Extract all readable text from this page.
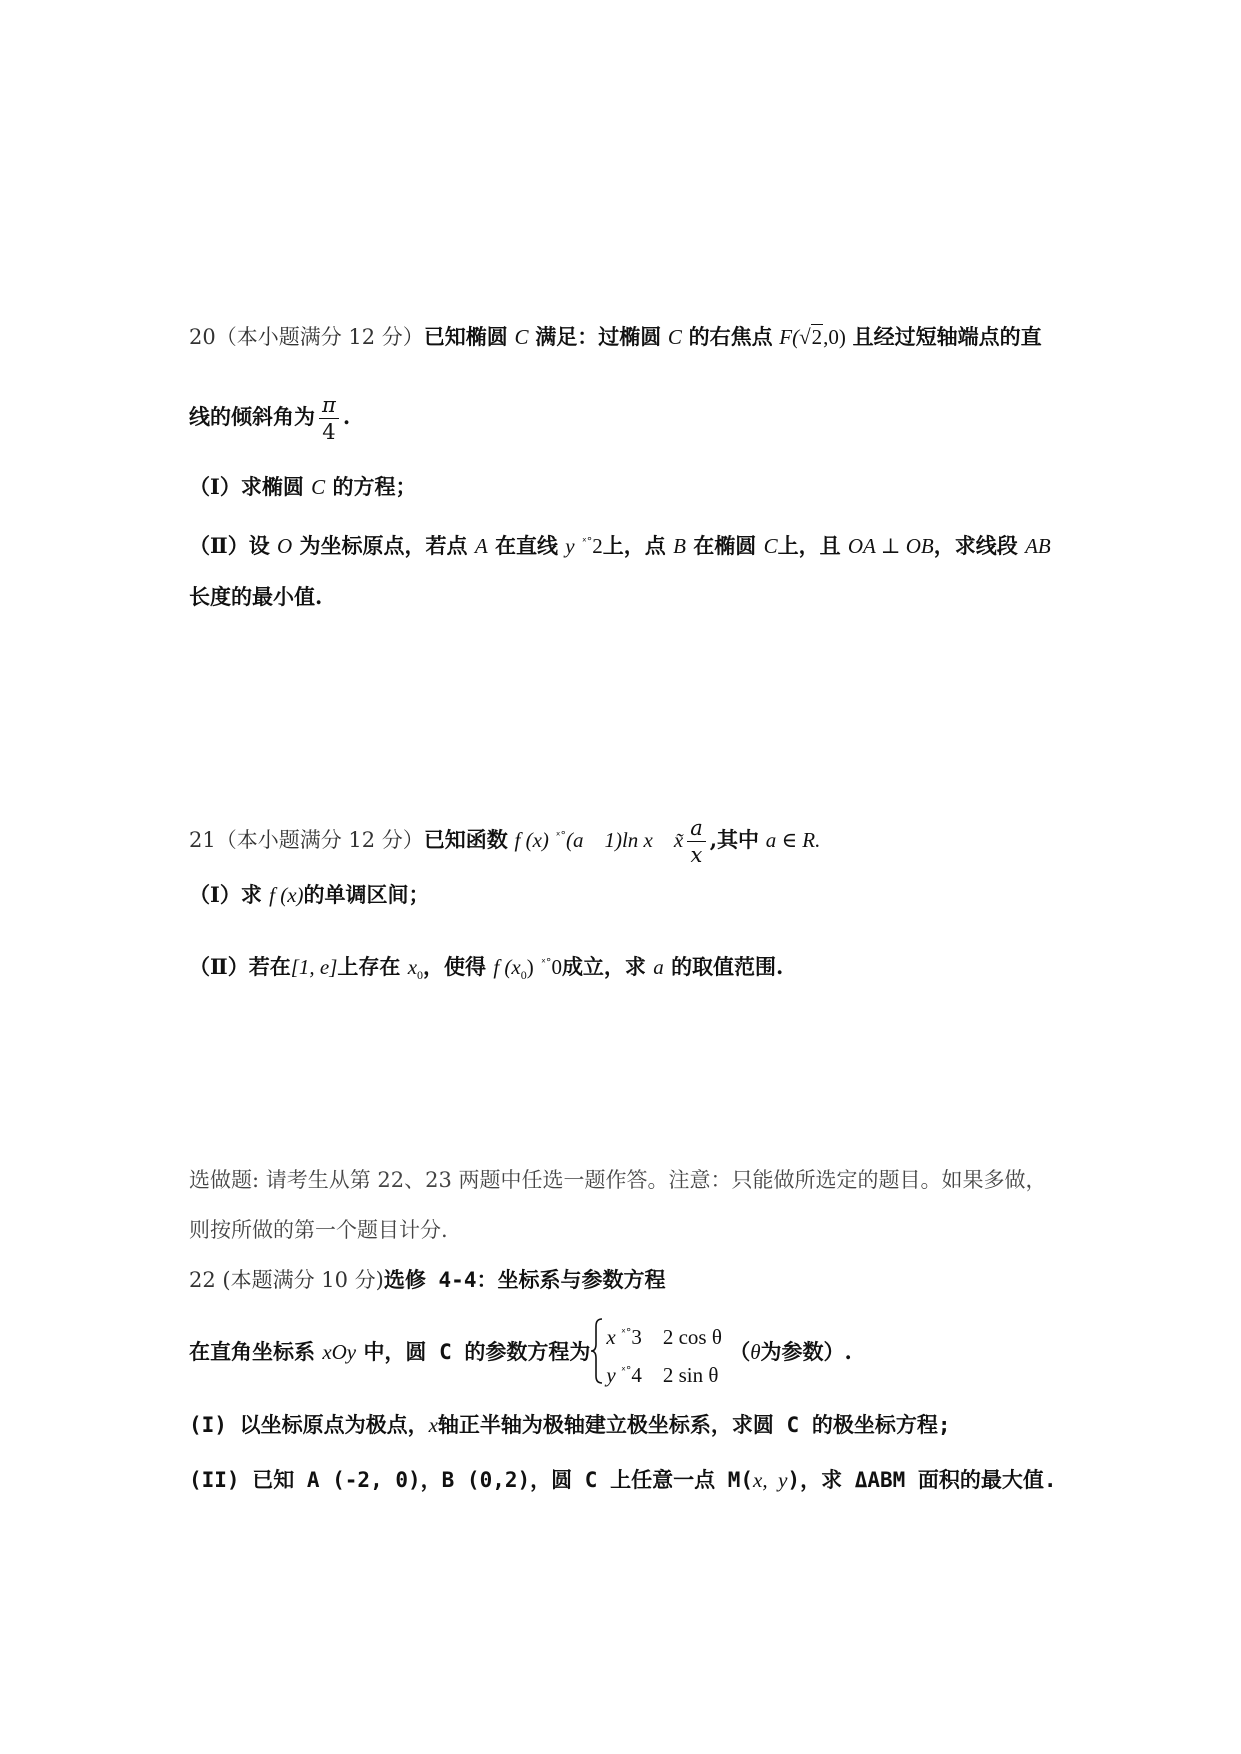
20（本小题满分 12 分）已知椭圆 C 满足：过椭圆 C 的右焦点 F(√2,0) 且经过短轴端点的直
线的倾斜角为 $\frac{\pi}{4}$ .
（Ⅰ）求椭圆 C 的方程；
（Ⅱ）设 O 为坐标原点，若点 A 在直线 y $^{ˣ^\circ}$2上，点 B 在椭圆 C上，且 OA ⊥ OB，求线段 AB
长度的最小值.
21（本小题满分 12 分）已知函数 f (x) $^{ˣ^\circ}$(a    1)ln x    x̃ $\frac{a}{x}$ ,其中 a ∈ R.
（Ⅰ）求 f (x)的单调区间；
（Ⅱ）若在[1, e]上存在 $x_0$，使得 f $(x_0)$ $^{ˣ^\circ}$0成立，求 a 的取值范围.
选做题: 请考生从第 22、23 两题中任选一题作答。注意：只能做所选定的题目。如果多做，
则按所做的第一个题目计分.
22 (本题满分 10 分)选修 4-4：坐标系与参数方程
在直角坐标系 xOy 中，圆 C 的参数方程为
x $^{ˣ^\circ}$3    2 cos θ
y $^{ˣ^\circ}$4    2 sin θ
（θ为参数）.
(I) 以坐标原点为极点，x轴正半轴为极轴建立极坐标系，求圆 C 的极坐标方程;
(II) 已知 A (-2, 0)，B (0,2)，圆 C 上任意一点 M(x,  y)，求 ΔABM 面积的最大值.
